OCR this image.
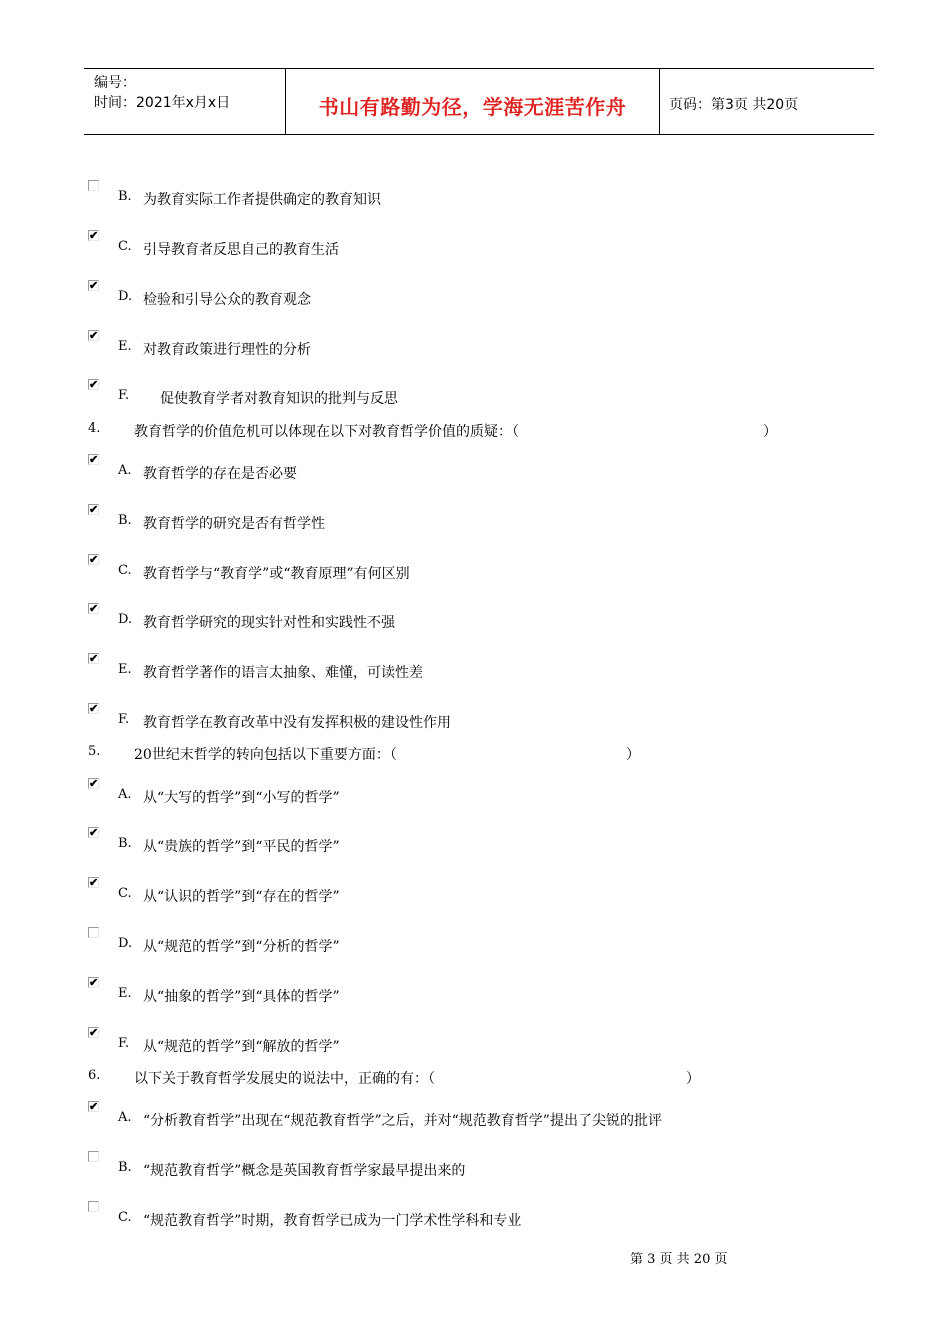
编号：
时间：2021年x月x日	书山有路勤为径，学海无涯苦作舟	页码：第3页 共20页
B. 为教育实际工作者提供确定的教育知识
✔
C. 引导教育者反思自己的教育生活
✔
D. 检验和引导公众的教育观念
✔
E. 对教育政策进行理性的分析
✔
F. 促使教育学者对教育知识的批判与反思
4. 教育哲学的价值危机可以体现在以下对教育哲学价值的质疑：（	）
✔
A. 教育哲学的存在是否必要
✔
B. 教育哲学的研究是否有哲学性
✔
C. 教育哲学与“教育学”或“教育原理”有何区别
✔
D. 教育哲学研究的现实针对性和实践性不强
✔
E. 教育哲学著作的语言太抽象、难懂，可读性差
✔
F. 教育哲学在教育改革中没有发挥积极的建设性作用
5. 20世纪末哲学的转向包括以下重要方面：（	）
✔
A. 从“大写的哲学”到“小写的哲学”
✔
B. 从“贵族的哲学”到“平民的哲学”
✔
C. 从“认识的哲学”到“存在的哲学”
D. 从“规范的哲学”到“分析的哲学”
✔
E. 从“抽象的哲学”到“具体的哲学”
✔
F. 从“规范的哲学”到“解放的哲学”
6. 以下关于教育哲学发展史的说法中，正确的有：（	）
✔
A. “分析教育哲学”出现在“规范教育哲学”之后，并对“规范教育哲学”提出了尖锐的批评
B. “规范教育哲学”概念是英国教育哲学家最早提出来的
C. “规范教育哲学”时期，教育哲学已成为一门学术性学科和专业
第 3 页 共 20 页
